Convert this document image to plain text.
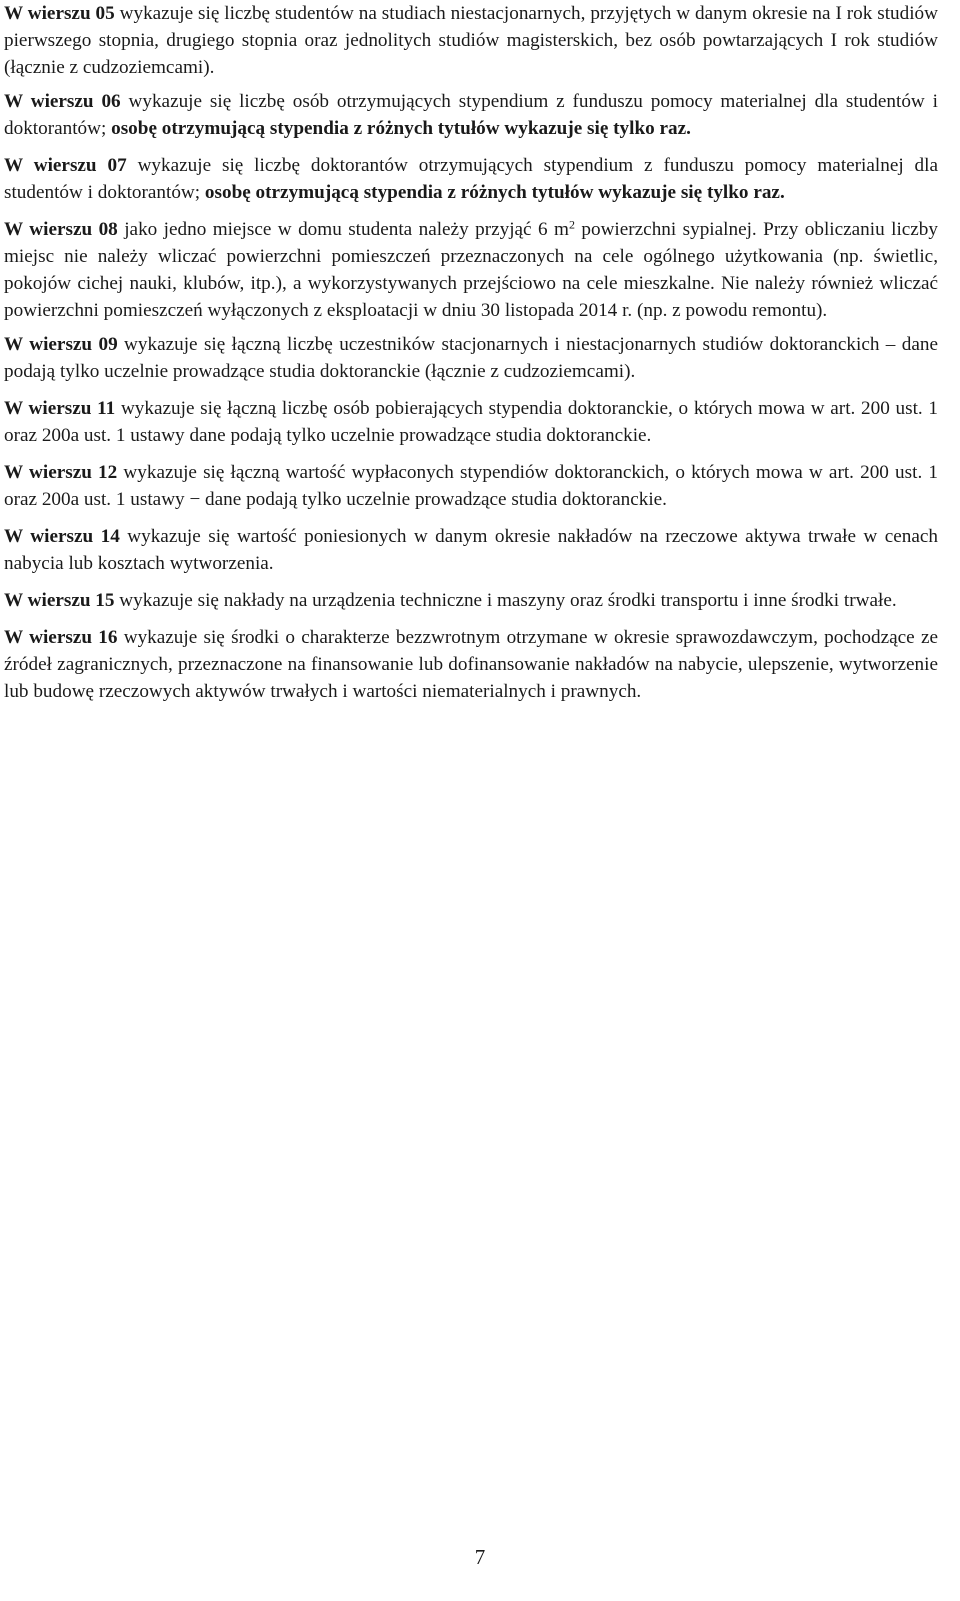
W wierszu 05 wykazuje się liczbę studentów na studiach niestacjonarnych, przyjętych w danym okresie na I rok studiów pierwszego stopnia, drugiego stopnia oraz jednolitych studiów magisterskich, bez osób powtarzających I rok studiów (łącznie z cudzoziemcami).

W wierszu 06 wykazuje się liczbę osób otrzymujących stypendium z funduszu pomocy materialnej dla studentów i doktorantów; osobę otrzymującą stypendia z różnych tytułów wykazuje się tylko raz.

W wierszu 07 wykazuje się liczbę doktorantów otrzymujących stypendium z funduszu pomocy materialnej dla studentów i doktorantów; osobę otrzymującą stypendia z różnych tytułów wykazuje się tylko raz.

W wierszu 08 jako jedno miejsce w domu studenta należy przyjąć 6 $m^2$ powierzchni sypialnej. Przy obliczaniu liczby miejsc nie należy wliczać powierzchni pomieszczeń przeznaczonych na cele ogólnego użytkowania (np. świetlic, pokojów cichej nauki, klubów, itp.), a wykorzystywanych przejściowo na cele mieszkalne. Nie należy również wliczać powierzchni pomieszczeń wyłączonych z eksploatacji w dniu 30 listopada 2014 r. (np. z powodu remontu).

W wierszu 09 wykazuje się łączną liczbę uczestników stacjonarnych i niestacjonarnych studiów doktoranckich – dane podają tylko uczelnie prowadzące studia doktoranckie (łącznie z cudzoziemcami).

W wierszu 11 wykazuje się łączną liczbę osób pobierających stypendia doktoranckie, o których mowa w art. 200 ust. 1 oraz 200a ust. 1 ustawy dane podają tylko uczelnie prowadzące studia doktoranckie.

W wierszu 12 wykazuje się łączną wartość wypłaconych stypendiów doktoranckich, o których mowa w art. 200 ust. 1 oraz 200a ust. 1 ustawy − dane podają tylko uczelnie prowadzące studia doktoranckie.

W wierszu 14 wykazuje się wartość poniesionych w danym okresie nakładów na rzeczowe aktywa trwałe w cenach nabycia lub kosztach wytworzenia.

W wierszu 15 wykazuje się nakłady na urządzenia techniczne i maszyny oraz środki transportu i inne środki trwałe.

W wierszu 16 wykazuje się środki o charakterze bezzwrotnym otrzymane w okresie sprawozdawczym, pochodzące ze źródeł zagranicznych, przeznaczone na finansowanie lub dofinansowanie nakładów na nabycie, ulepszenie, wytworzenie lub budowę rzeczowych aktywów trwałych i wartości niematerialnych i prawnych.

7
